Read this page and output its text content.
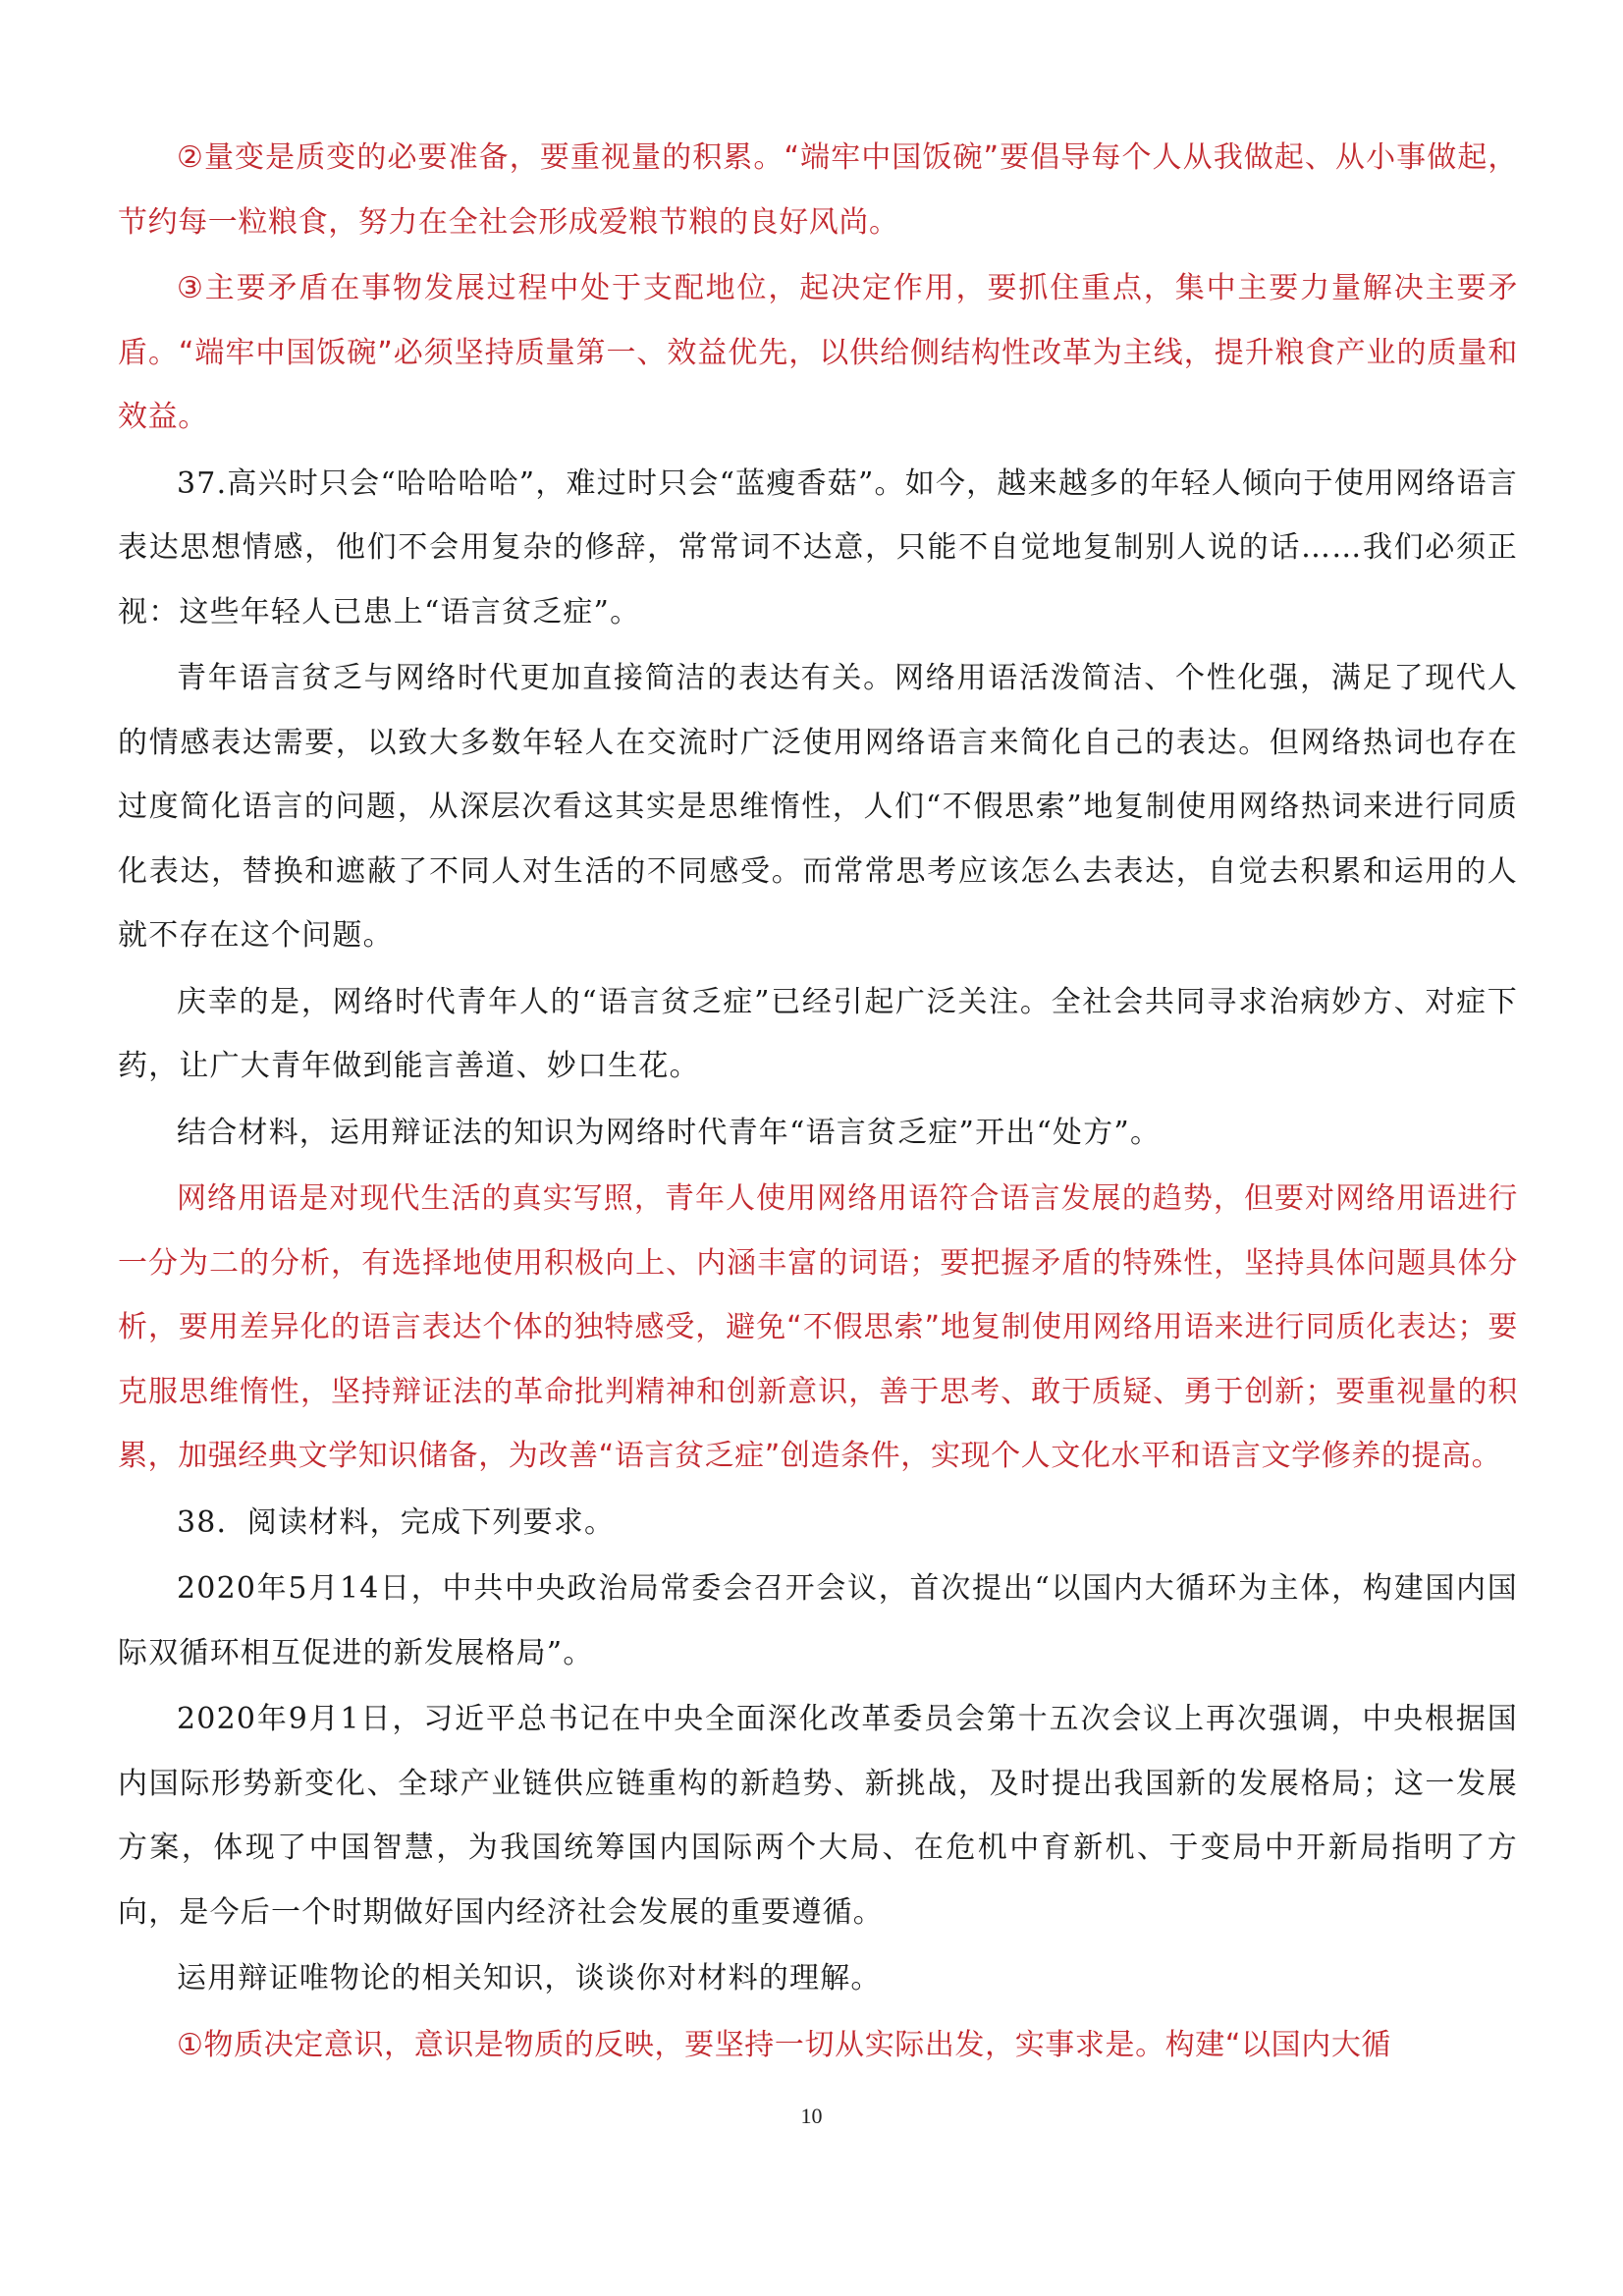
②量变是质变的必要准备，要重视量的积累。“端牢中国饭碗”要倡导每个人从我做起、从小事做起，节约每一粒粮食，努力在全社会形成爱粮节粮的良好风尚。

③主要矛盾在事物发展过程中处于支配地位，起决定作用，要抓住重点，集中主要力量解决主要矛盾。“端牢中国饭碗”必须坚持质量第一、效益优先，以供给侧结构性改革为主线，提升粮食产业的质量和效益。

37.高兴时只会“哈哈哈哈”，难过时只会“蓝瘦香菇”。如今，越来越多的年轻人倾向于使用网络语言表达思想情感，他们不会用复杂的修辞，常常词不达意，只能不自觉地复制别人说的话……我们必须正视：这些年轻人已患上“语言贫乏症”。

青年语言贫乏与网络时代更加直接简洁的表达有关。网络用语活泼简洁、个性化强，满足了现代人的情感表达需要，以致大多数年轻人在交流时广泛使用网络语言来简化自己的表达。但网络热词也存在过度简化语言的问题，从深层次看这其实是思维惰性，人们“不假思索”地复制使用网络热词来进行同质化表达，替换和遮蔽了不同人对生活的不同感受。而常常思考应该怎么去表达，自觉去积累和运用的人就不存在这个问题。

庆幸的是，网络时代青年人的“语言贫乏症”已经引起广泛关注。全社会共同寻求治病妙方、对症下药，让广大青年做到能言善道、妙口生花。

结合材料，运用辩证法的知识为网络时代青年“语言贫乏症”开出“处方”。

网络用语是对现代生活的真实写照，青年人使用网络用语符合语言发展的趋势，但要对网络用语进行一分为二的分析，有选择地使用积极向上、内涵丰富的词语；要把握矛盾的特殊性，坚持具体问题具体分析，要用差异化的语言表达个体的独特感受，避免“不假思索”地复制使用网络用语来进行同质化表达；要克服思维惰性，坚持辩证法的革命批判精神和创新意识，善于思考、敢于质疑、勇于创新；要重视量的积累，加强经典文学知识储备，为改善“语言贫乏症”创造条件，实现个人文化水平和语言文学修养的提高。

38．阅读材料，完成下列要求。

2020年5月14日，中共中央政治局常委会召开会议，首次提出“以国内大循环为主体，构建国内国际双循环相互促进的新发展格局”。

2020年9月1日，习近平总书记在中央全面深化改革委员会第十五次会议上再次强调，中央根据国内国际形势新变化、全球产业链供应链重构的新趋势、新挑战，及时提出我国新的发展格局；这一发展方案，体现了中国智慧，为我国统筹国内国际两个大局、在危机中育新机、于变局中开新局指明了方向，是今后一个时期做好国内经济社会发展的重要遵循。

运用辩证唯物论的相关知识，谈谈你对材料的理解。

①物质决定意识，意识是物质的反映，要坚持一切从实际出发，实事求是。构建“以国内大循

10
